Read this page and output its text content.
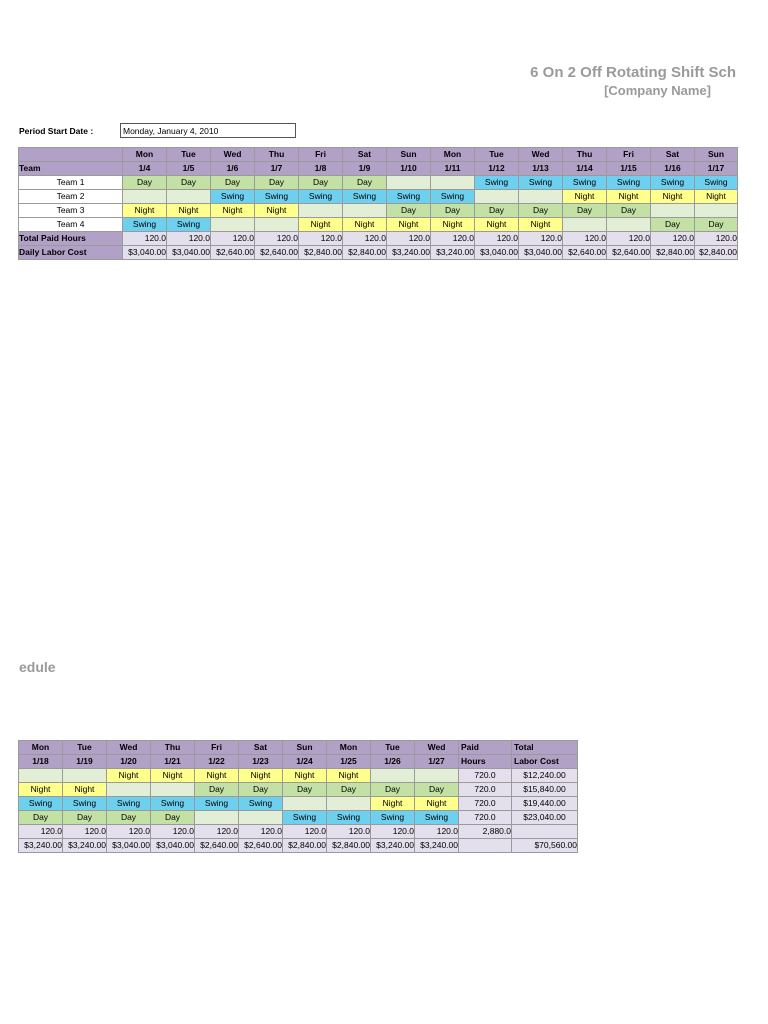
6 On 2 Off Rotating Shift Sch
[Company Name]
Period Start Date :	Monday, January 4, 2010
	Mon	Tue	Wed	Thu	Fri	Sat	Sun	Mon	Tue	Wed	Thu	Fri	Sat	Sun
Team	1/4	1/5	1/6	1/7	1/8	1/9	1/10	1/11	1/12	1/13	1/14	1/15	1/16	1/17
Team 1	Day	Day	Day	Day	Day	Day			Swing	Swing	Swing	Swing	Swing	Swing
Team 2			Swing	Swing	Swing	Swing	Swing	Swing			Night	Night	Night	Night
Team 3	Night	Night	Night	Night			Day	Day	Day	Day	Day	Day		
Team 4	Swing	Swing			Night	Night	Night	Night	Night	Night			Day	Day
Total Paid Hours	120.0	120.0	120.0	120.0	120.0	120.0	120.0	120.0	120.0	120.0	120.0	120.0	120.0	120.0
Daily Labor Cost	$3,040.00	$3,040.00	$2,640.00	$2,640.00	$2,840.00	$2,840.00	$3,240.00	$3,240.00	$3,040.00	$3,040.00	$2,640.00	$2,640.00	$2,840.00	$2,840.00
edule
Mon	Tue	Wed	Thu	Fri	Sat	Sun	Mon	Tue	Wed	Paid	Total
1/18	1/19	1/20	1/21	1/22	1/23	1/24	1/25	1/26	1/27	Hours	Labor Cost
		Night	Night	Night	Night	Night	Night			720.0	$12,240.00
Night	Night			Day	Day	Day	Day	Day	Day	720.0	$15,840.00
Swing	Swing	Swing	Swing	Swing	Swing			Night	Night	720.0	$19,440.00
Day	Day	Day	Day			Swing	Swing	Swing	Swing	720.0	$23,040.00
120.0	120.0	120.0	120.0	120.0	120.0	120.0	120.0	120.0	120.0	2,880.0	
$3,240.00	$3,240.00	$3,040.00	$3,040.00	$2,640.00	$2,640.00	$2,840.00	$2,840.00	$3,240.00	$3,240.00		$70,560.00
